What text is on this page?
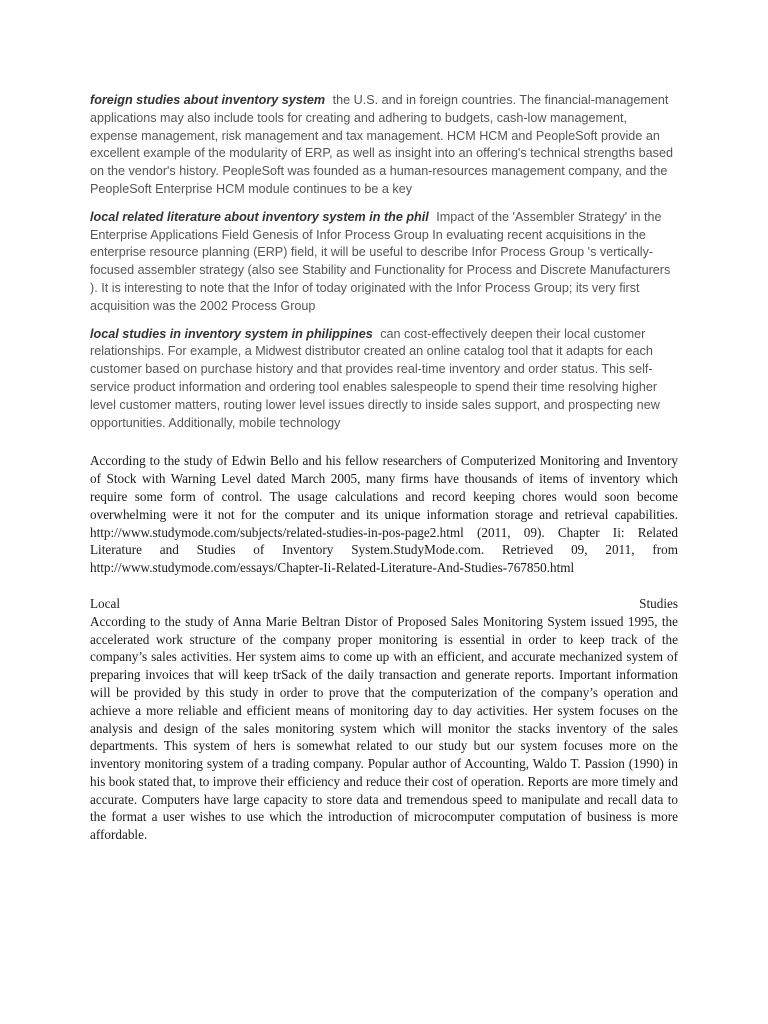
foreign studies about inventory system the U.S. and in foreign countries. The financial-management applications may also include tools for creating and adhering to budgets, cash-low management, expense management, risk management and tax management. HCM HCM and PeopleSoft provide an excellent example of the modularity of ERP, as well as insight into an offering's technical strengths based on the vendor's history. PeopleSoft was founded as a human-resources management company, and the PeopleSoft Enterprise HCM module continues to be a key

local related literature about inventory system in the phil Impact of the 'Assembler Strategy' in the Enterprise Applications Field Genesis of Infor Process Group In evaluating recent acquisitions in the enterprise resource planning (ERP) field, it will be useful to describe Infor Process Group 's vertically-focused assembler strategy (also see Stability and Functionality for Process and Discrete Manufacturers ). It is interesting to note that the Infor of today originated with the Infor Process Group; its very first acquisition was the 2002 Process Group

local studies in inventory system in philippines can cost-effectively deepen their local customer relationships. For example, a Midwest distributor created an online catalog tool that it adapts for each customer based on purchase history and that provides real-time inventory and order status. This self-service product information and ordering tool enables salespeople to spend their time resolving higher level customer matters, routing lower level issues directly to inside sales support, and prospecting new opportunities. Additionally, mobile technology

According to the study of Edwin Bello and his fellow researchers of Computerized Monitoring and Inventory of Stock with Warning Level dated March 2005, many firms have thousands of items of inventory which require some form of control. The usage calculations and record keeping chores would soon become overwhelming were it not for the computer and its unique information storage and retrieval capabilities. http://www.studymode.com/subjects/related-studies-in-pos-page2.html (2011, 09). Chapter Ii: Related Literature and Studies of Inventory System.StudyMode.com. Retrieved 09, 2011, from http://www.studymode.com/essays/Chapter-Ii-Related-Literature-And-Studies-767850.html

Local	Studies

According to the study of Anna Marie Beltran Distor of Proposed Sales Monitoring System issued 1995, the accelerated work structure of the company proper monitoring is essential in order to keep track of the company’s sales activities. Her system aims to come up with an efficient, and accurate mechanized system of preparing invoices that will keep trSack of the daily transaction and generate reports. Important information will be provided by this study in order to prove that the computerization of the company’s operation and achieve a more reliable and efficient means of monitoring day to day activities. Her system focuses on the analysis and design of the sales monitoring system which will monitor the stacks inventory of the sales departments. This system of hers is somewhat related to our study but our system focuses more on the inventory monitoring system of a trading company. Popular author of Accounting, Waldo T. Passion (1990) in his book stated that, to improve their efficiency and reduce their cost of operation. Reports are more timely and accurate. Computers have large capacity to store data and tremendous speed to manipulate and recall data to the format a user wishes to use which the introduction of microcomputer computation of business is more affordable.
